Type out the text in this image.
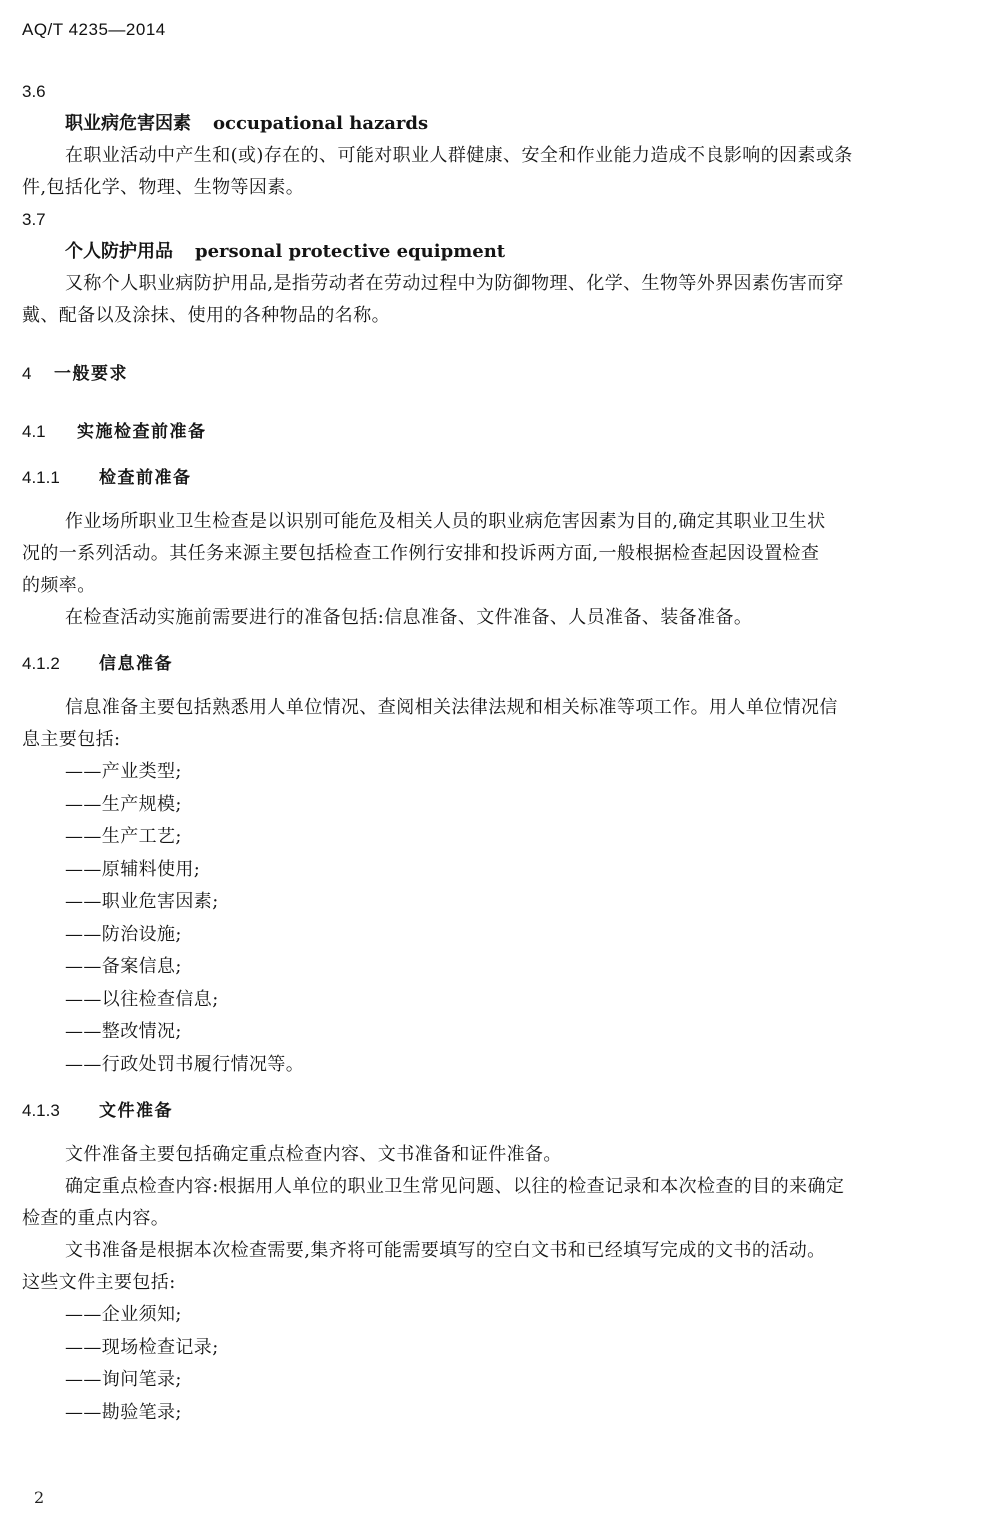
AQ/T 4235—2014
3.6
职业病危害因素 occupational hazards
在职业活动中产生和(或)存在的、可能对职业人群健康、安全和作业能力造成不良影响的因素或条
件,包括化学、物理、生物等因素。
3.7
个人防护用品 personal protective equipment
又称个人职业病防护用品,是指劳动者在劳动过程中为防御物理、化学、生物等外界因素伤害而穿
戴、配备以及涂抹、使用的各种物品的名称。
4 一般要求
4.1 实施检查前准备
4.1.1 检查前准备
作业场所职业卫生检查是以识别可能危及相关人员的职业病危害因素为目的,确定其职业卫生状
况的一系列活动。其任务来源主要包括检查工作例行安排和投诉两方面,一般根据检查起因设置检查
的频率。
在检查活动实施前需要进行的准备包括:信息准备、文件准备、人员准备、装备准备。
4.1.2 信息准备
信息准备主要包括熟悉用人单位情况、查阅相关法律法规和相关标准等项工作。用人单位情况信
息主要包括:
——产业类型;
——生产规模;
——生产工艺;
——原辅料使用;
——职业危害因素;
——防治设施;
——备案信息;
——以往检查信息;
——整改情况;
——行政处罚书履行情况等。
4.1.3 文件准备
文件准备主要包括确定重点检查内容、文书准备和证件准备。
确定重点检查内容:根据用人单位的职业卫生常见问题、以往的检查记录和本次检查的目的来确定
检查的重点内容。
文书准备是根据本次检查需要,集齐将可能需要填写的空白文书和已经填写完成的文书的活动。
这些文件主要包括:
——企业须知;
——现场检查记录;
——询问笔录;
——勘验笔录;
2
